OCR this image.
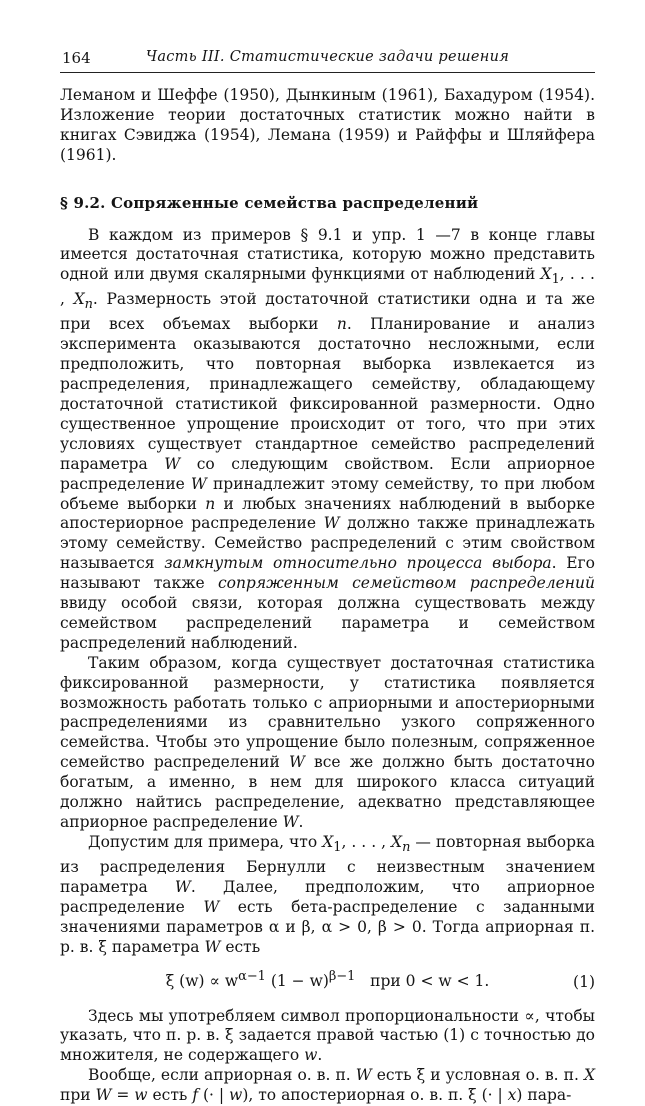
164	Часть III. Статистические задачи решения

Леманом и Шеффе (1950), Дынкиным (1961), Бахадуром (1954). Изложение теории достаточных статистик можно найти в книгах Сэвиджа (1954), Лемана (1959) и Райффы и Шляйфера (1961).

§ 9.2. Сопряженные семейства распределений

В каждом из примеров § 9.1 и упр. 1 —7 в конце главы имеется достаточная статистика, которую можно представить одной или двумя скалярными функциями от наблюдений $X_1$, . . . , $X_n$. Размерность этой достаточной статистики одна и та же при всех объемах выборки n. Планирование и анализ эксперимента оказываются достаточно несложными, если предположить, что повторная выборка извлекается из распределения, принадлежащего семейству, обладающему достаточной статистикой фиксированной размерности. Одно существенное упрощение происходит от того, что при этих условиях существует стандартное семейство распределений параметра W со следующим свойством. Если априорное распределение W принадлежит этому семейству, то при любом объеме выборки n и любых значениях наблюдений в выборке апостериорное распределение W должно также принадлежать этому семейству. Семейство распределений с этим свойством называется замкнутым относительно процесса выбора. Его называют также сопряженным семейством распределений ввиду особой связи, которая должна существовать между семейством распределений параметра и семейством распределений наблюдений.

Таким образом, когда существует достаточная статистика фиксированной размерности, у статистика появляется возможность работать только с априорными и апостериорными распределениями из сравнительно узкого сопряженного семейства. Чтобы это упрощение было полезным, сопряженное семейство распределений W все же должно быть достаточно богатым, а именно, в нем для широкого класса ситуаций должно найтись распределение, адекватно представляющее априорное распределение W.

Допустим для примера, что $X_1$, . . . , $X_n$ — повторная выборка из распределения Бернулли с неизвестным значением параметра W. Далее, предположим, что априорное распределение W есть бета-распределение с заданными значениями параметров α и β, α > 0, β > 0. Тогда априорная п. р. в. ξ параметра W есть

ξ $(w) \propto w^{\alpha-1}$ $(1 - w)^{\beta-1}$ при 0 < w < 1.	(1)

Здесь мы употребляем символ пропорциональности ∝, чтобы указать, что п. р. в. ξ задается правой частью (1) с точностью до множителя, не содержащего w.

Вообще, если априорная о. в. п. W есть ξ и условная о. в. п. X при W = w есть f (· | w), то апостериорная о. в. п. ξ (· | x) пара-
